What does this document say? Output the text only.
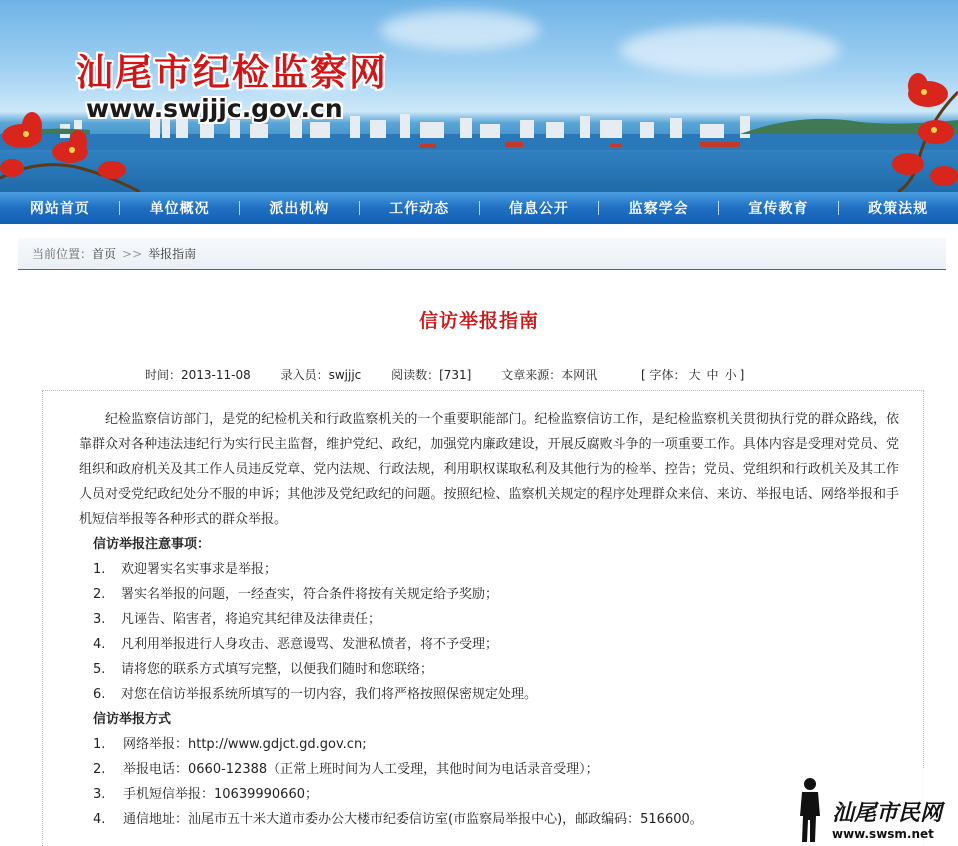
汕尾市纪检监察网
www.swjjjc.gov.cn
网站首页	单位概况	派出机构	工作动态	信息公开	监察学会	宣传教育	政策法规
当前位置：首页 >> 举报指南
信访举报指南
时间：2013-11-08 录入员：swjjjc 阅读数：[731] 文章来源：本网讯	[ 字体： 大 中 小 ]

纪检监察信访部门，是党的纪检机关和行政监察机关的一个重要职能部门。纪检监察信访工作，是纪检监察机关贯彻执行党的群众路线，依靠群众对各种违法违纪行为实行民主监督，维护党纪、政纪，加强党内廉政建设，开展反腐败斗争的一项重要工作。具体内容是受理对党员、党组织和政府机关及其工作人员违反党章、党内法规、行政法规，利用职权谋取私利及其他行为的检举、控告；党员、党组织和行政机关及其工作人员对受党纪政纪处分不服的申诉；其他涉及党纪政纪的问题。按照纪检、监察机关规定的程序处理群众来信、来访、举报电话、网络举报和手机短信举报等各种形式的群众举报。

信访举报注意事项：

1. 欢迎署实名实事求是举报；

2. 署实名举报的问题，一经查实，符合条件将按有关规定给予奖励；

3. 凡诬告、陷害者，将追究其纪律及法律责任；

4. 凡利用举报进行人身攻击、恶意谩骂、发泄私愤者，将不予受理；

5. 请将您的联系方式填写完整，以便我们随时和您联络；

6. 对您在信访举报系统所填写的一切内容，我们将严格按照保密规定处理。

信访举报方式

1. 网络举报：http://www.gdjct.gd.gov.cn;

2. 举报电话：0660-12388（正常上班时间为人工受理，其他时间为电话录音受理）；

3. 手机短信举报：10639990660；

4. 通信地址：汕尾市五十米大道市委办公大楼市纪委信访室(市监察局举报中心)，邮政编码：516600。	汕尾市民网
www.swsm.net
